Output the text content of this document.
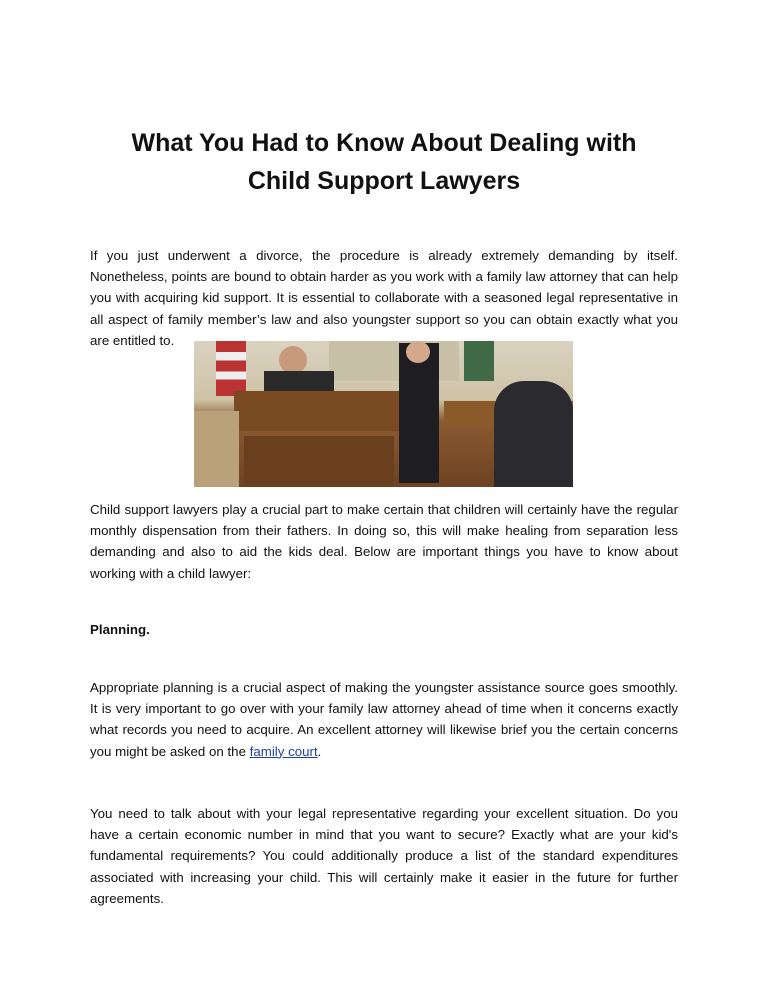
What You Had to Know About Dealing with
Child Support Lawyers

If you just underwent a divorce, the procedure is already extremely demanding by itself. Nonetheless, points are bound to obtain harder as you work with a family law attorney that can help you with acquiring kid support. It is essential to collaborate with a seasoned legal representative in all aspect of family member’s law and also youngster support so you can obtain exactly what you are entitled to.

Child support lawyers play a crucial part to make certain that children will certainly have the regular monthly dispensation from their fathers. In doing so, this will make healing from separation less demanding and also to aid the kids deal. Below are important things you have to know about working with a child lawyer:

Planning.

Appropriate planning is a crucial aspect of making the youngster assistance source goes smoothly. It is very important to go over with your family law attorney ahead of time when it concerns exactly what records you need to acquire. An excellent attorney will likewise brief you the certain concerns you might be asked on the family court.

You need to talk about with your legal representative regarding your excellent situation. Do you have a certain economic number in mind that you want to secure? Exactly what are your kid's fundamental requirements? You could additionally produce a list of the standard expenditures associated with increasing your child. This will certainly make it easier in the future for further agreements.
